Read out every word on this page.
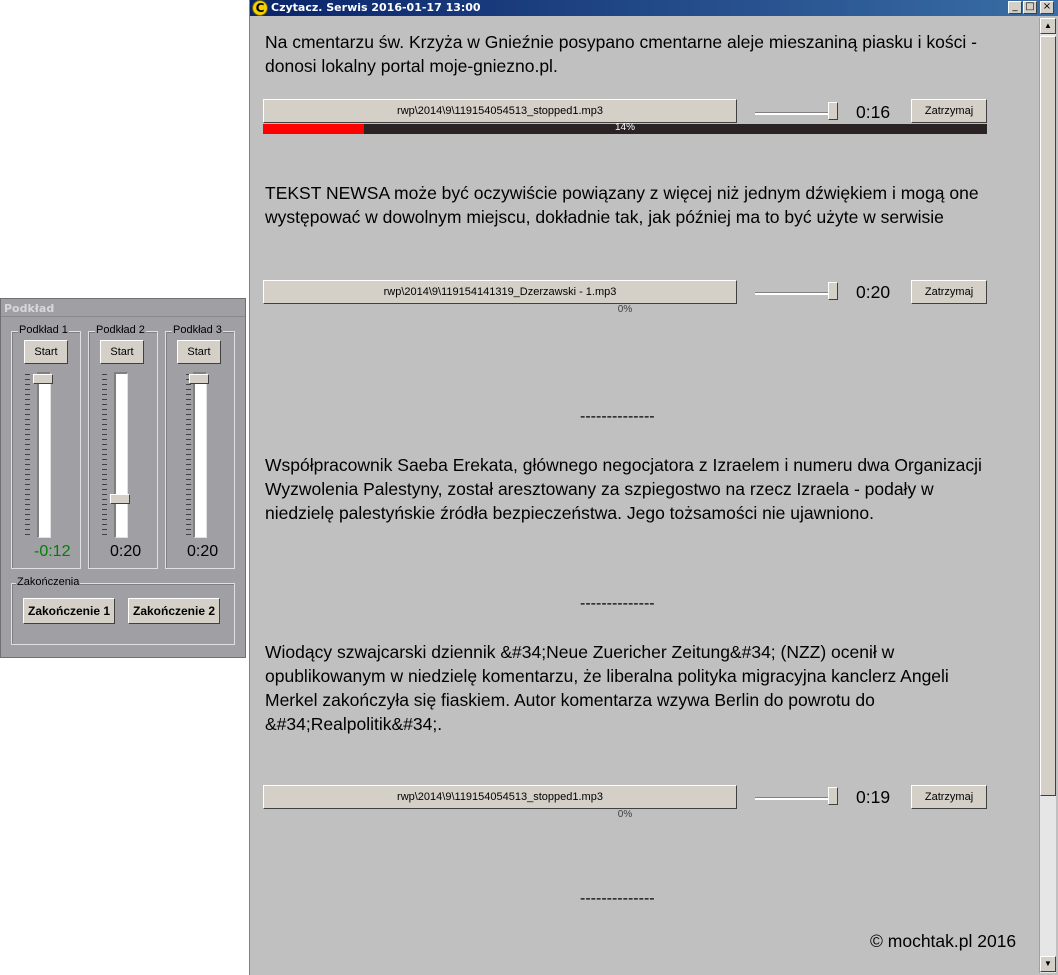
C Czytacz. Serwis 2016-01-17 13:00	_ □ ×

Na cmentarzu św. Krzyża w Gnieźnie posypano cmentarne aleje mieszaniną piasku i kości - donosi lokalny portal moje-gniezno.pl.

rwp\2014\9\119154054513_stopped1.mp3	0:16	Zatrzymaj
14%

TEKST NEWSA może być oczywiście powiązany z więcej niż jednym dźwiękiem i mogą one występować w dowolnym miejscu, dokładnie tak, jak później ma to być użyte w serwisie

rwp\2014\9\119154141319_Dzerzawski - 1.mp3	0:20	Zatrzymaj
0%
--------------

Współpracownik Saeba Erekata, głównego negocjatora z Izraelem i numeru dwa Organizacji Wyzwolenia Palestyny, został aresztowany za szpiegostwo na rzecz Izraela - podały w niedzielę palestyńskie źródła bezpieczeństwa. Jego tożsamości nie ujawniono.

--------------

Wiodący szwajcarski dziennik &#34;Neue Zuericher Zeitung&#34; (NZZ) ocenił w opublikowanym w niedzielę komentarzu, że liberalna polityka migracyjna kanclerz Angeli Merkel zakończyła się fiaskiem. Autor komentarza wzywa Berlin do powrotu do &#34;Realpolitik&#34;.

rwp\2014\9\119154054513_stopped1.mp3	0:19	Zatrzymaj
0%
--------------
© mochtak.pl 2016
▲
▼
Podkład
Podkład 1
Start
-0:12
Podkład 2
Start
0:20
Podkład 3
Start
0:20
Zakończenia
Zakończenie 1	Zakończenie 2
